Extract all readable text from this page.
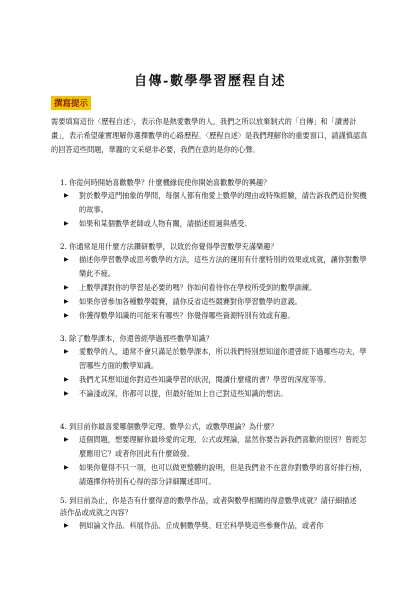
自傳-數學學習歷程自述
撰寫提示

需要填寫這份〈歷程自述〉，表示你是熱愛數學的人，我們之所以放棄制式的「自傳」和「讀書計畫」，表示希望確實理解你選擇數學的心路歷程。〈歷程自述〉是我們理解你的重要窗口，請謹慎認真的回答這些問題，華麗的文采絕非必要，我們在意的是你的心聲。

1. 你從何時開始喜歡數學？什麼機緣促使你開始喜歡數學的興趣？

▶ 對於數學這門抽象的學問，每個人都有他愛上數學的理由或特殊經驗，請告訴我們這份契機的故事。
▶ 如果和某個數學老師或人物有關，請描述經過與感受。

2. 你通常是用什麼方法鑽研數學，以致於你覺得學習數學充滿樂趣？

▶ 描述你學習數學或思考數學的方法，這些方法的運用有什麼特別的效果或成就，讓你對數學樂此不疲。
▶ 上數學課對你的學習是必要的嗎？你如何看待你在學校所受到的數學訓練。
▶ 如果你曾參加各種數學競賽，請你反省這些競賽對你學習數學的意義。
▶ 你獲得數學知識的可能來有哪些？你覺得哪些資源特別有效或有趣。

3. 除了數學課本，你還曾經學過那些數學知識？

▶ 愛數學的人，通常不會只滿足於數學課本，所以我們特別想知道你還曾經下過哪些功夫，學習哪些方面的數學知識。
▶ 我們尤其想知道你對這些知識學習的狀況，閱讀什麼樣的書？學習的深度等等。
▶ 不論淺或深，你都可以提，但最好能加上自己對這些知識的想法。

4. 到目前你最喜愛哪個數學定理、數學公式，或數學理論？為什麼？

▶ 這個問題，想要理解你最珍愛的定理、公式或理論，當然你要告訴我們喜歡的原因？曾經怎麼應用它？或者你因此有什麼啟發。
▶ 如果你覺得不只一項，也可以做更整體的說明，但是我們並不在意你對數學的喜好排行榜，請選擇你特別有心得的部分詳細闡述即可。

5. 到目前為止，你是否有什麼得意的數學作品，或者與數學相關的得意數學成就？請仔細描述該作品或成就之內容？

▶ 例如論文作品、科展作品、丘成桐數學獎、旺宏科學獎這些參賽作品，或者你
